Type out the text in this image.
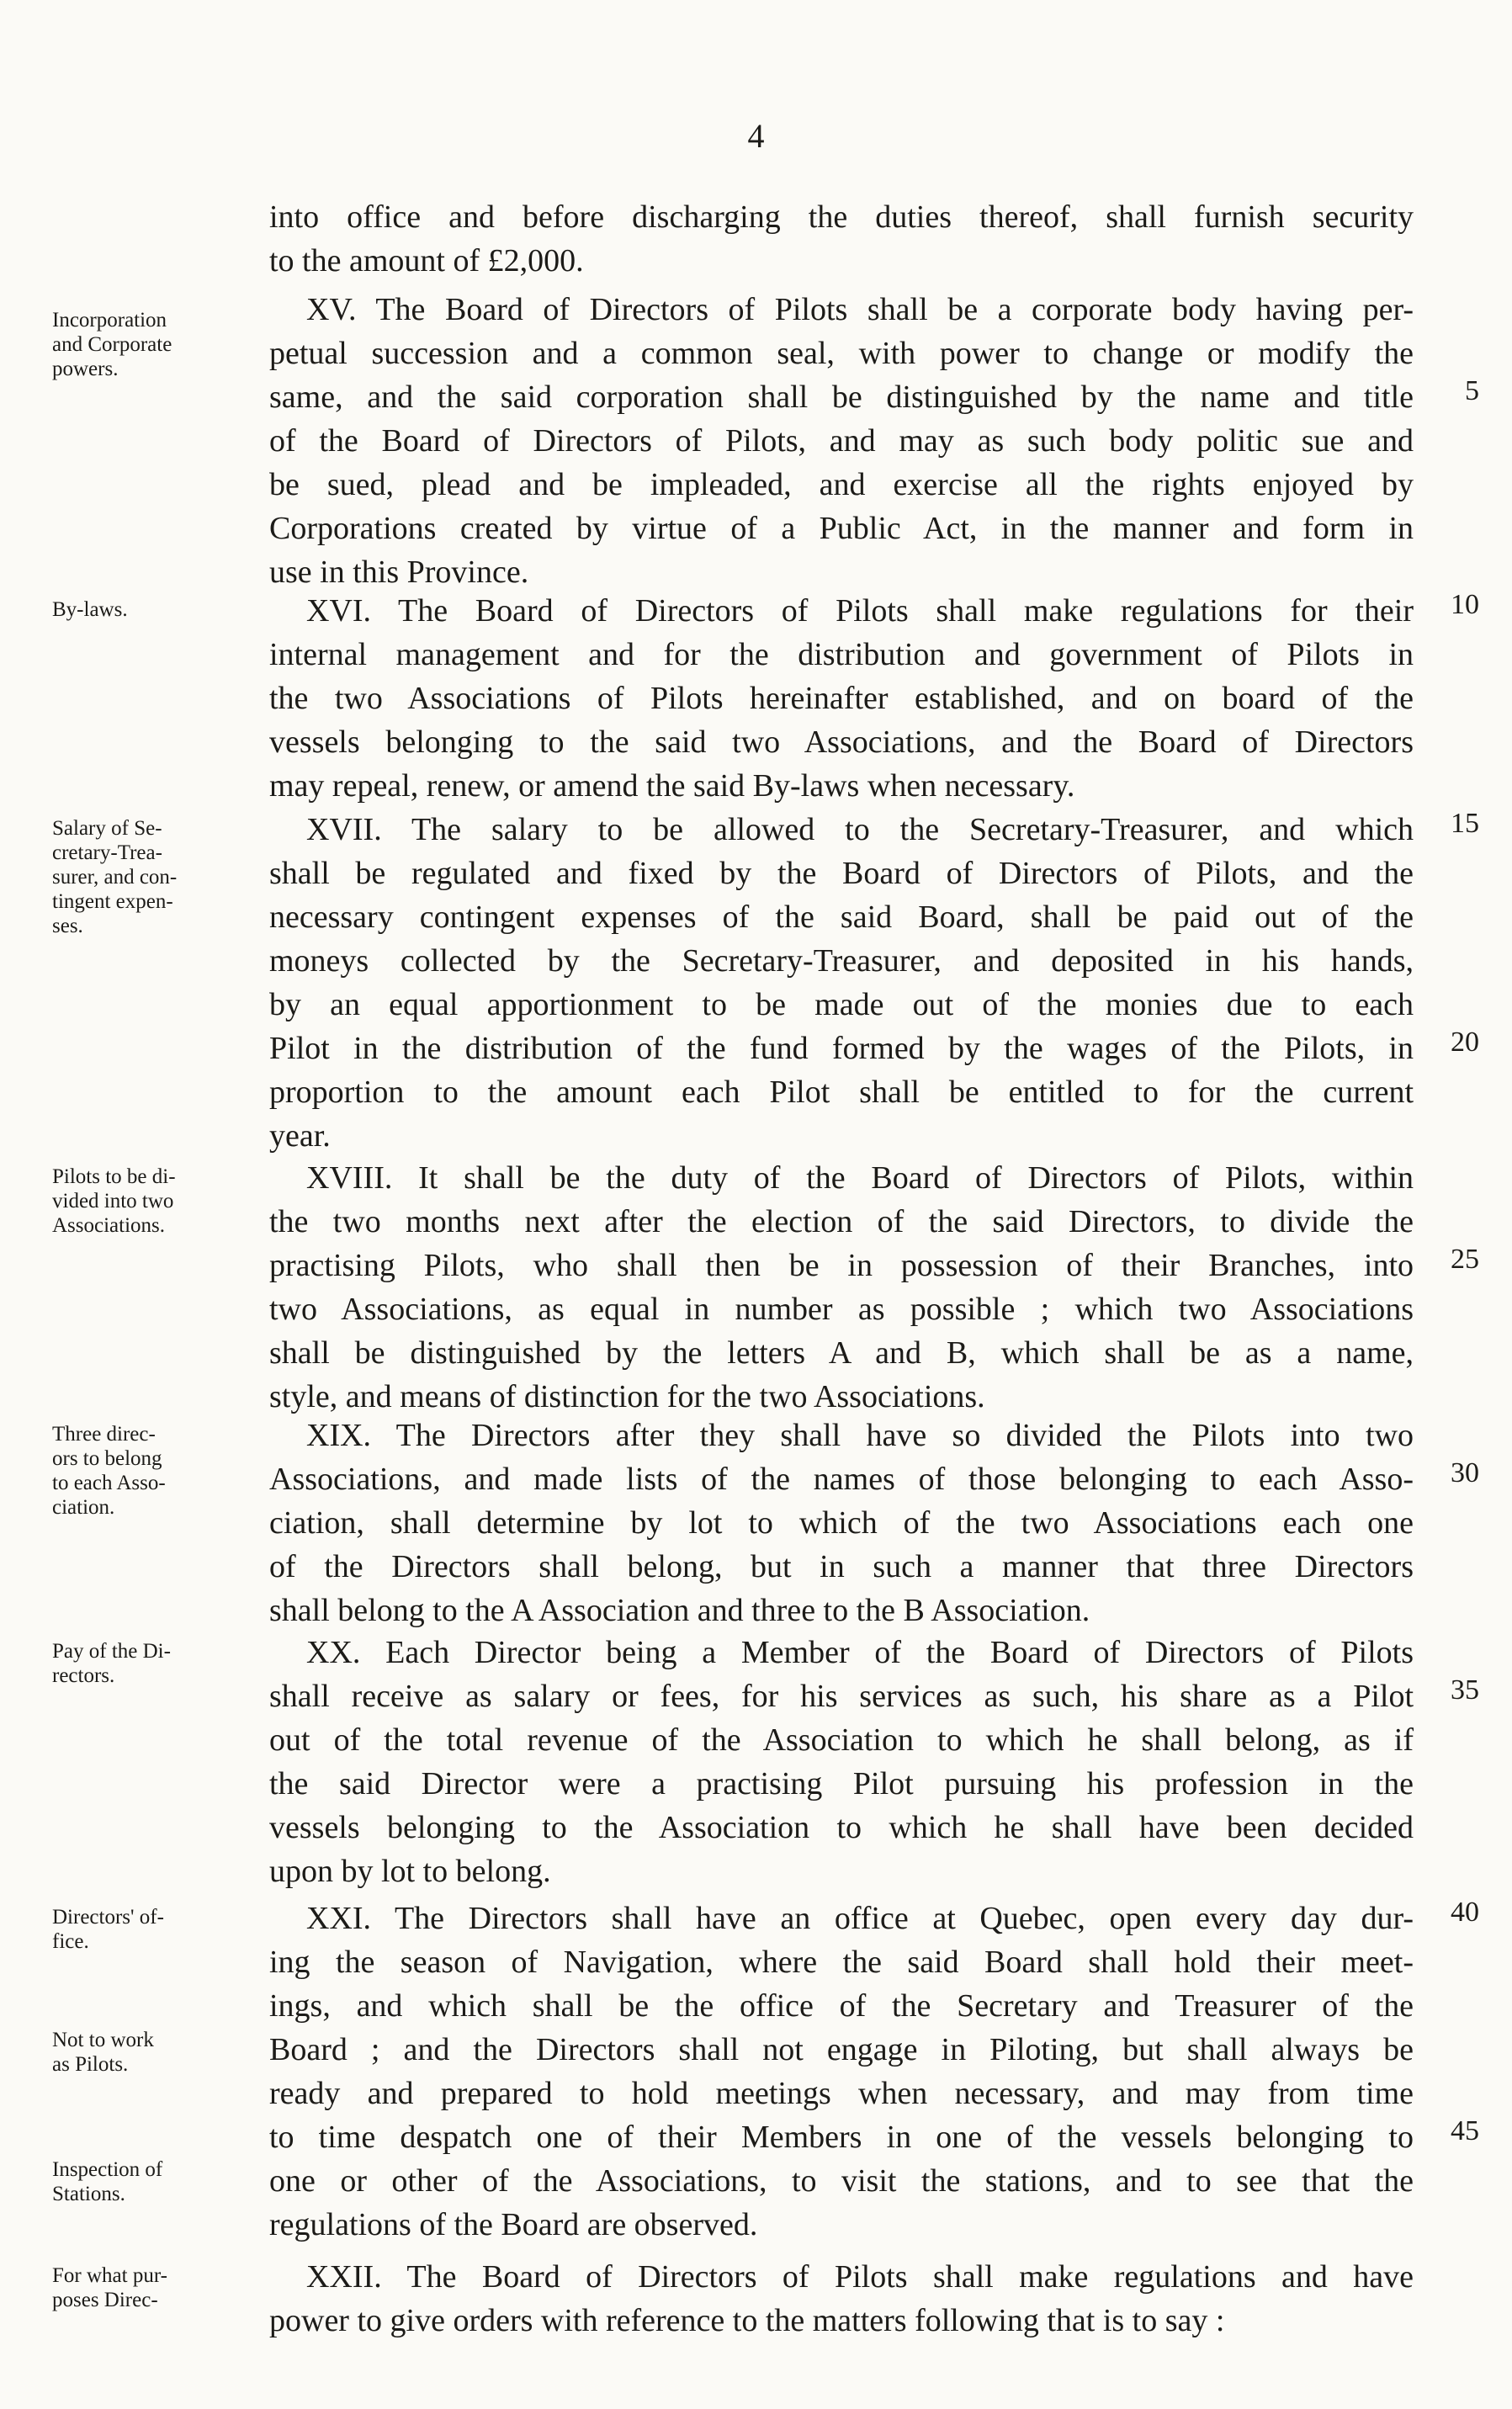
4
into office and before discharging the duties thereof, shall furnish security
to the amount of £2,000.
XV. The Board of Directors of Pilots shall be a corporate body having per-
petual succession and a common seal, with power to change or modify the
same, and the said corporation shall be distinguished by the name and title	5
of the Board of Directors of Pilots, and may as such body politic sue and
be sued, plead and be impleaded, and exercise all the rights enjoyed by
Corporations created by virtue of a Public Act, in the manner and form in
use in this Province.
Incorporation
and Corporate
powers.
XVI. The Board of Directors of Pilots shall make regulations for their	10
internal management and for the distribution and government of Pilots in
the two Associations of Pilots hereinafter established, and on board of the
vessels belonging to the said two Associations, and the Board of Directors
may repeal, renew, or amend the said By-laws when necessary.
By-laws.
XVII. The salary to be allowed to the Secretary-Treasurer, and which	15
shall be regulated and fixed by the Board of Directors of Pilots, and the
necessary contingent expenses of the said Board, shall be paid out of the
moneys collected by the Secretary-Treasurer, and deposited in his hands,
by an equal apportionment to be made out of the monies due to each
Pilot in the distribution of the fund formed by the wages of the Pilots, in	20
proportion to the amount each Pilot shall be entitled to for the current
year.
Salary of Se-
cretary-Trea-
surer, and con-
tingent expen-
ses.
XVIII. It shall be the duty of the Board of Directors of Pilots, within
the two months next after the election of the said Directors, to divide the
practising Pilots, who shall then be in possession of their Branches, into	25
two Associations, as equal in number as possible ; which two Associations
shall be distinguished by the letters A and B, which shall be as a name,
style, and means of distinction for the two Associations.
Pilots to be di-
vided into two
Associations.
XIX. The Directors after they shall have so divided the Pilots into two
Associations, and made lists of the names of those belonging to each Asso-	30
ciation, shall determine by lot to which of the two Associations each one
of the Directors shall belong, but in such a manner that three Directors
shall belong to the A Association and three to the B Association.
Three direc-
ors to belong
to each Asso-
ciation.
XX. Each Director being a Member of the Board of Directors of Pilots
shall receive as salary or fees, for his services as such, his share as a Pilot	35
out of the total revenue of the Association to which he shall belong, as if
the said Director were a practising Pilot pursuing his profession in the
vessels belonging to the Association to which he shall have been decided
upon by lot to belong.
Pay of the Di-
rectors.
XXI. The Directors shall have an office at Quebec, open every day dur-	40
ing the season of Navigation, where the said Board shall hold their meet-
ings, and which shall be the office of the Secretary and Treasurer of the
Board ; and the Directors shall not engage in Piloting, but shall always be
ready and prepared to hold meetings when necessary, and may from time
to time despatch one of their Members in one of the vessels belonging to	45
one or other of the Associations, to visit the stations, and to see that the
regulations of the Board are observed.
Directors' of-
fice.
Not to work
as Pilots.
Inspection of
Stations.
XXII. The Board of Directors of Pilots shall make regulations and have
power to give orders with reference to the matters following that is to say :
For what pur-
poses Direc-
